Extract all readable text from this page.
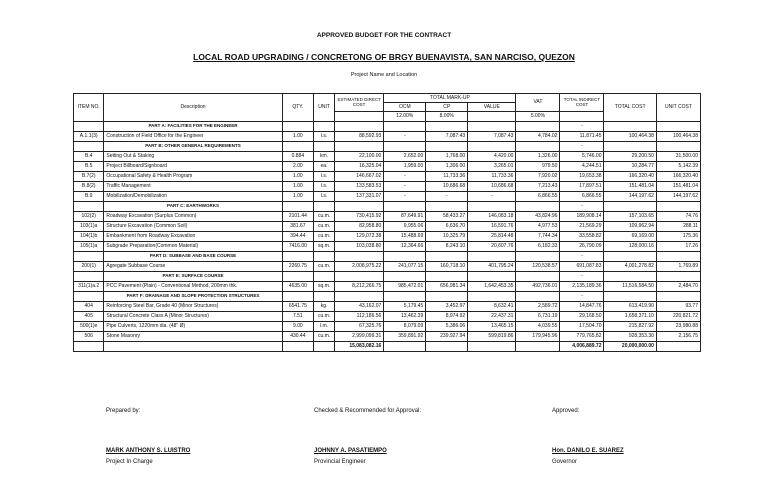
APPROVED BUDGET FOR THE CONTRACT
LOCAL ROAD UPGRADING / CONCRETONG OF BRGY BUENAVISTA, SAN NARCISO, QUEZON
Project Name and Location
ITEM NO.	Description	QTY.	UNIT	ESTIMATED DIRECT COST	TOTAL MARK-UP			VAT	TOTAL INDIRECT COST	TOTAL COST	UNIT COST
					OCM	CP	VALUE				
					12.00%	8.00%		5.00%			
	PART A: FACILITIES FOR THE ENGINEER								-		
A.1.1(3)	Construction of Field Office for the Engineer	1.00	l.s.	88,592.93	-	7,087.43	7,087.43	4,784.02	11,871.45	100,464.38	100,464.38
	PART B: OTHER GENERAL REQUIREMENTS								-		
B.4	Setting Out & Staking	0.884	km.	22,100.00	2,652.00	1,768.00	4,420.00	1,326.00	5,746.00	29,200.50	31,500.00
B.5	Project Billboard/Signboard	2.00	ea.	16,325.04	1,959.00	1,306.00	3,265.01	979.50	4,244.51	10,284.77	5,142.39
B.7(2)	Occupational Safety & Health Program	1.00	l.s.	146,667.02	-	11,733.36	11,733.36	7,920.02	19,653.38	166,320.40	166,320.40
B.8(2)	Traffic Management	1.00	l.s.	133,583.53	-	10,686.68	10,686.68	7,213.43	17,897.51	151,481.04	151,481.04
B.9	Mobilization/Demobilization	1.00	l.s.	137,331.07	-	-	-	6,866.55	6,866.55	144,197.62	144,197.62
	PART C: EARTHWORKS								-		
102(2)	Roadway Excavation (Surplus Common)	2101.44	cu.m.	730,415.92	87,649.91	58,433.27	146,083.18	43,824.96	189,908.14	157,103.65	74.76
103(1)a	Structure Excavation (Common Soil)	381.67	cu.m.	82,958.80	9,955.06	6,636.70	16,591.76	4,977.53	21,569.29	109,962.94	288.11
104(1)b	Embankment from Roadway Excavation	394.44	cu.m.	129,072.38	15,488.69	10,325.79	25,814.48	7,744.34	33,558.82	69,169.00	175.36
105(1)a	Subgrade Preparation(Common Material)	7416.00	sq.m.	103,038.80	12,364.66	8,243.10	20,607.76	6,182.33	26,790.09	128,000.16	17.26
	PART D: SUBBASE AND BASE COURSE								-		
200(1)	Agregate Subbase Course	2260.75	cu.m.	2,008,975.22	241,077.15	160,718.10	401,795.24	120,538.57	691,087.83	4,001,278.82	1,769.89
	PART E: SURFACE COURSE								-		
311(1)a.2	PCC Pavement (Plain) - Conventional Method, 200mm thk.	4635.00	sq.m.	8,212,266.75	985,472.01	656,981.34	1,642,453.35	492,736.01	2,135,189.36	11,516,584.50	2,484.70
	PART F: DRAINAGE AND SLOPE PROTECTION STRUCTURES								-		
404	Reinforcing Steel Bar, Grade 40 (Minor Structures)	6541.75	kg.	43,162.07	5,179.45	3,452.97	8,632.41	2,589.72	14,847.76	613,419.90	93.77
405	Structural Concrete Class A (Minor Structures)	7.51	cu.m.	112,186.56	13,462.39	8,974.92	22,437.31	6,731.19	29,168.50	1,658,371.10	220,821.72
500(1)e	Pipe Culverts, 1220mm dia. (48" Ø)	9.00	l.m.	67,325.76	8,079.09	5,386.06	13,465.15	4,039.55	17,504.70	215,827.92	23,980.88
506	Stone Masonry	430.44	cu.m.	2,999,099.31	359,891.92	239,927.94	599,819.86	179,945.96	779,765.82	928,353.30	2,156.75
				15,083,082.16					4,006,889.72	20,000,000.00	
Prepared by:	Checked & Recommended for Approval:	Approved:
MARK ANTHONY S. LUISTRO
Project In Charge
JOHNNY A. PASATIEMPO
Provincial Engineer
Hon. DANILO E. SUAREZ
Governor
